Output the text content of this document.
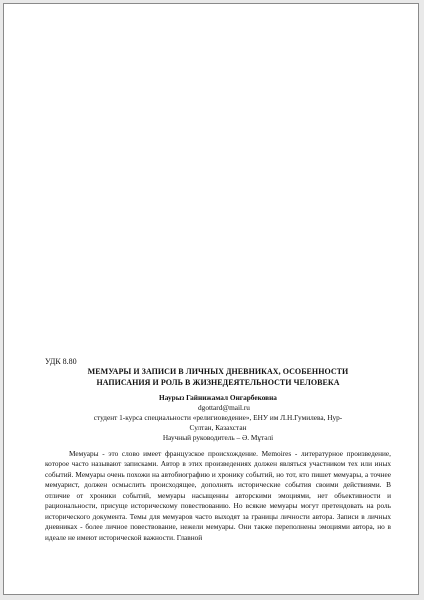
УДК 8.80

МЕМУАРЫ И ЗАПИСИ В ЛИЧНЫХ ДНЕВНИКАХ, ОСОБЕННОСТИ
НАПИСАНИЯ И РОЛЬ В ЖИЗНЕДЕЯТЕЛЬНОСТИ ЧЕЛОВЕКА

Наурыз Гайнижамал Онгарбековна
dgottard@mail.ru
студент 1-курса специальности «религиоведение», ЕНУ им Л.Н.Гумилева, Нур-
Султан, Казахстан
Научный руководитель – Ә. Мұтәлі

Мемуары - это слово имеет французское происхождение. Memoires - литературное произведение, которое часто называют записками. Автор в этих произведениях должен являться участником тех или иных событий. Мемуары очень похожи на автобиографию и хронику событий, но тот, кто пишет мемуары, а точнее мемуарист, должен осмыслить происходящее, дополнять исторические события своими действиями. В отличие от хроники событий, мемуары насыщенны авторскими эмоциями, нет объективности и рациональности, присуще историческому повествованию. Но всякие мемуары могут претендовать на роль исторического документа. Темы для мемуаров часто выходят за границы личности автора. Записи в личных дневниках - более личное повествование, нежели мемуары. Они также переполнены эмоциями автора, но в идеале не имеют исторической важности. Главной
